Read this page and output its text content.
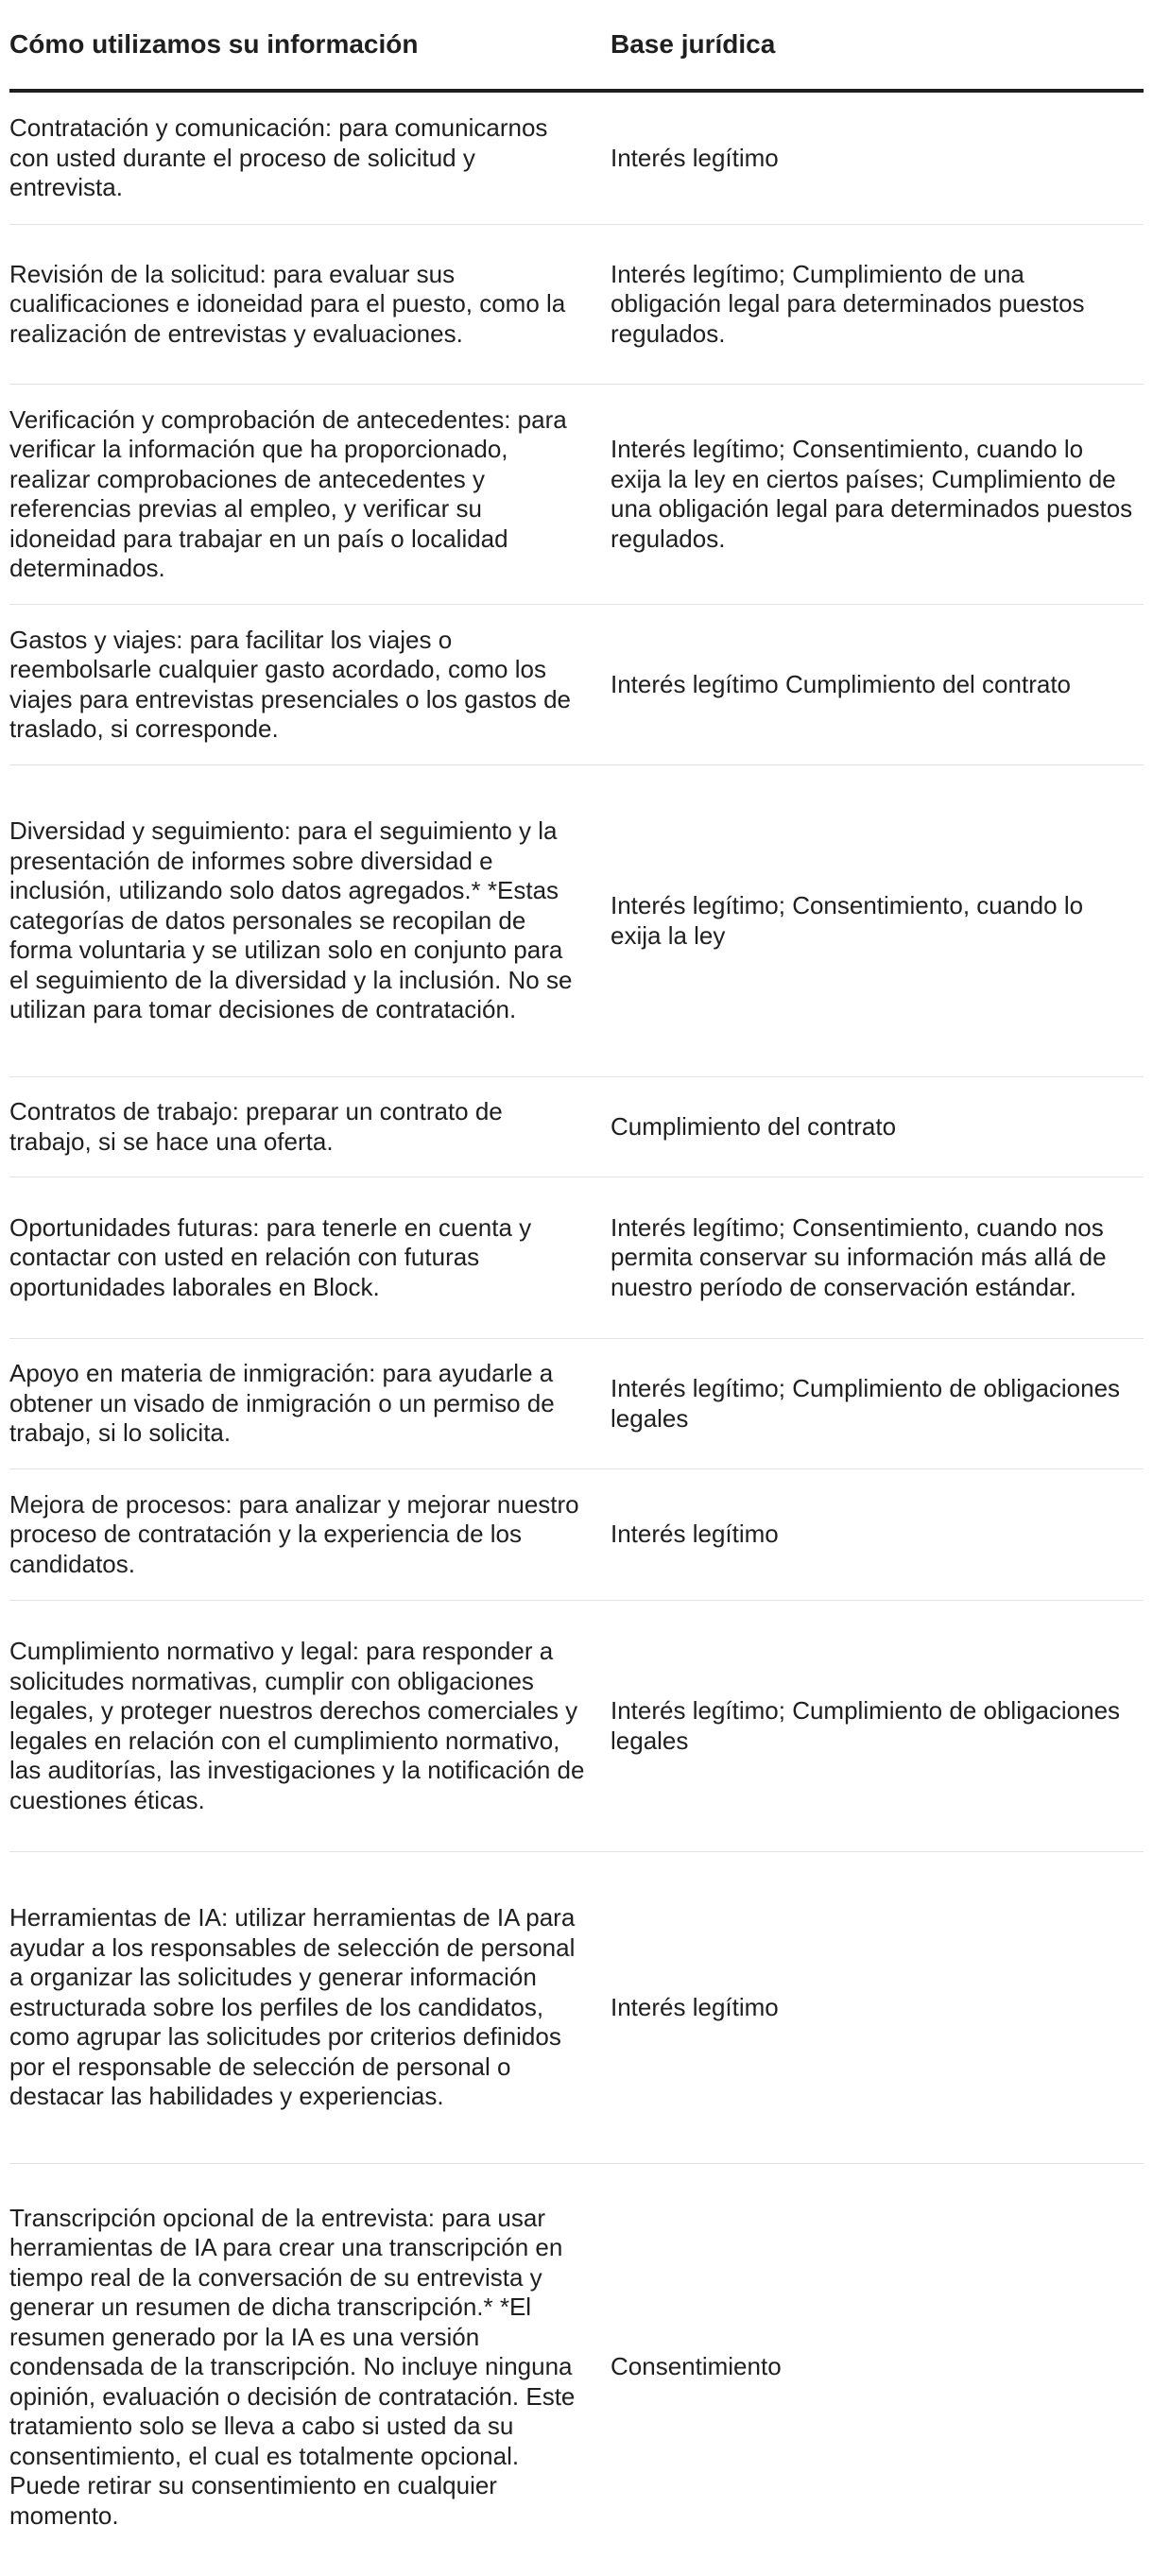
Cómo utilizamos su información	Base jurídica
Contratación y comunicación: para comunicarnos con usted durante el proceso de solicitud y entrevista.
Interés legítimo
Revisión de la solicitud: para evaluar sus cualificaciones e idoneidad para el puesto, como la realización de entrevistas y evaluaciones.
Interés legítimo; Cumplimiento de una obligación legal para determinados puestos regulados.
Verificación y comprobación de antecedentes: para verificar la información que ha proporcionado, realizar comprobaciones de antecedentes y referencias previas al empleo, y verificar su idoneidad para trabajar en un país o localidad determinados.
Interés legítimo; Consentimiento, cuando lo exija la ley en ciertos países; Cumplimiento de una obligación legal para determinados puestos regulados.
Gastos y viajes: para facilitar los viajes o reembolsarle cualquier gasto acordado, como los viajes para entrevistas presenciales o los gastos de traslado, si corresponde.
Interés legítimo Cumplimiento del contrato
Diversidad y seguimiento: para el seguimiento y la presentación de informes sobre diversidad e inclusión, utilizando solo datos agregados.* *Estas categorías de datos personales se recopilan de forma voluntaria y se utilizan solo en conjunto para el seguimiento de la diversidad y la inclusión. No se utilizan para tomar decisiones de contratación.
Interés legítimo; Consentimiento, cuando lo exija la ley
Contratos de trabajo: preparar un contrato de trabajo, si se hace una oferta.
Cumplimiento del contrato
Oportunidades futuras: para tenerle en cuenta y contactar con usted en relación con futuras oportunidades laborales en Block.
Interés legítimo; Consentimiento, cuando nos permita conservar su información más allá de nuestro período de conservación estándar.
Apoyo en materia de inmigración: para ayudarle a obtener un visado de inmigración o un permiso de trabajo, si lo solicita.
Interés legítimo; Cumplimiento de obligaciones legales
Mejora de procesos: para analizar y mejorar nuestro proceso de contratación y la experiencia de los candidatos.
Interés legítimo
Cumplimiento normativo y legal: para responder a solicitudes normativas, cumplir con obligaciones legales, y proteger nuestros derechos comerciales y legales en relación con el cumplimiento normativo, las auditorías, las investigaciones y la notificación de cuestiones éticas.
Interés legítimo; Cumplimiento de obligaciones legales
Herramientas de IA: utilizar herramientas de IA para ayudar a los responsables de selección de personal a organizar las solicitudes y generar información estructurada sobre los perfiles de los candidatos, como agrupar las solicitudes por criterios definidos por el responsable de selección de personal o destacar las habilidades y experiencias.
Interés legítimo
Transcripción opcional de la entrevista: para usar herramientas de IA para crear una transcripción en tiempo real de la conversación de su entrevista y generar un resumen de dicha transcripción.* *El resumen generado por la IA es una versión condensada de la transcripción. No incluye ninguna opinión, evaluación o decisión de contratación. Este tratamiento solo se lleva a cabo si usted da su consentimiento, el cual es totalmente opcional. Puede retirar su consentimiento en cualquier momento.
Consentimiento
